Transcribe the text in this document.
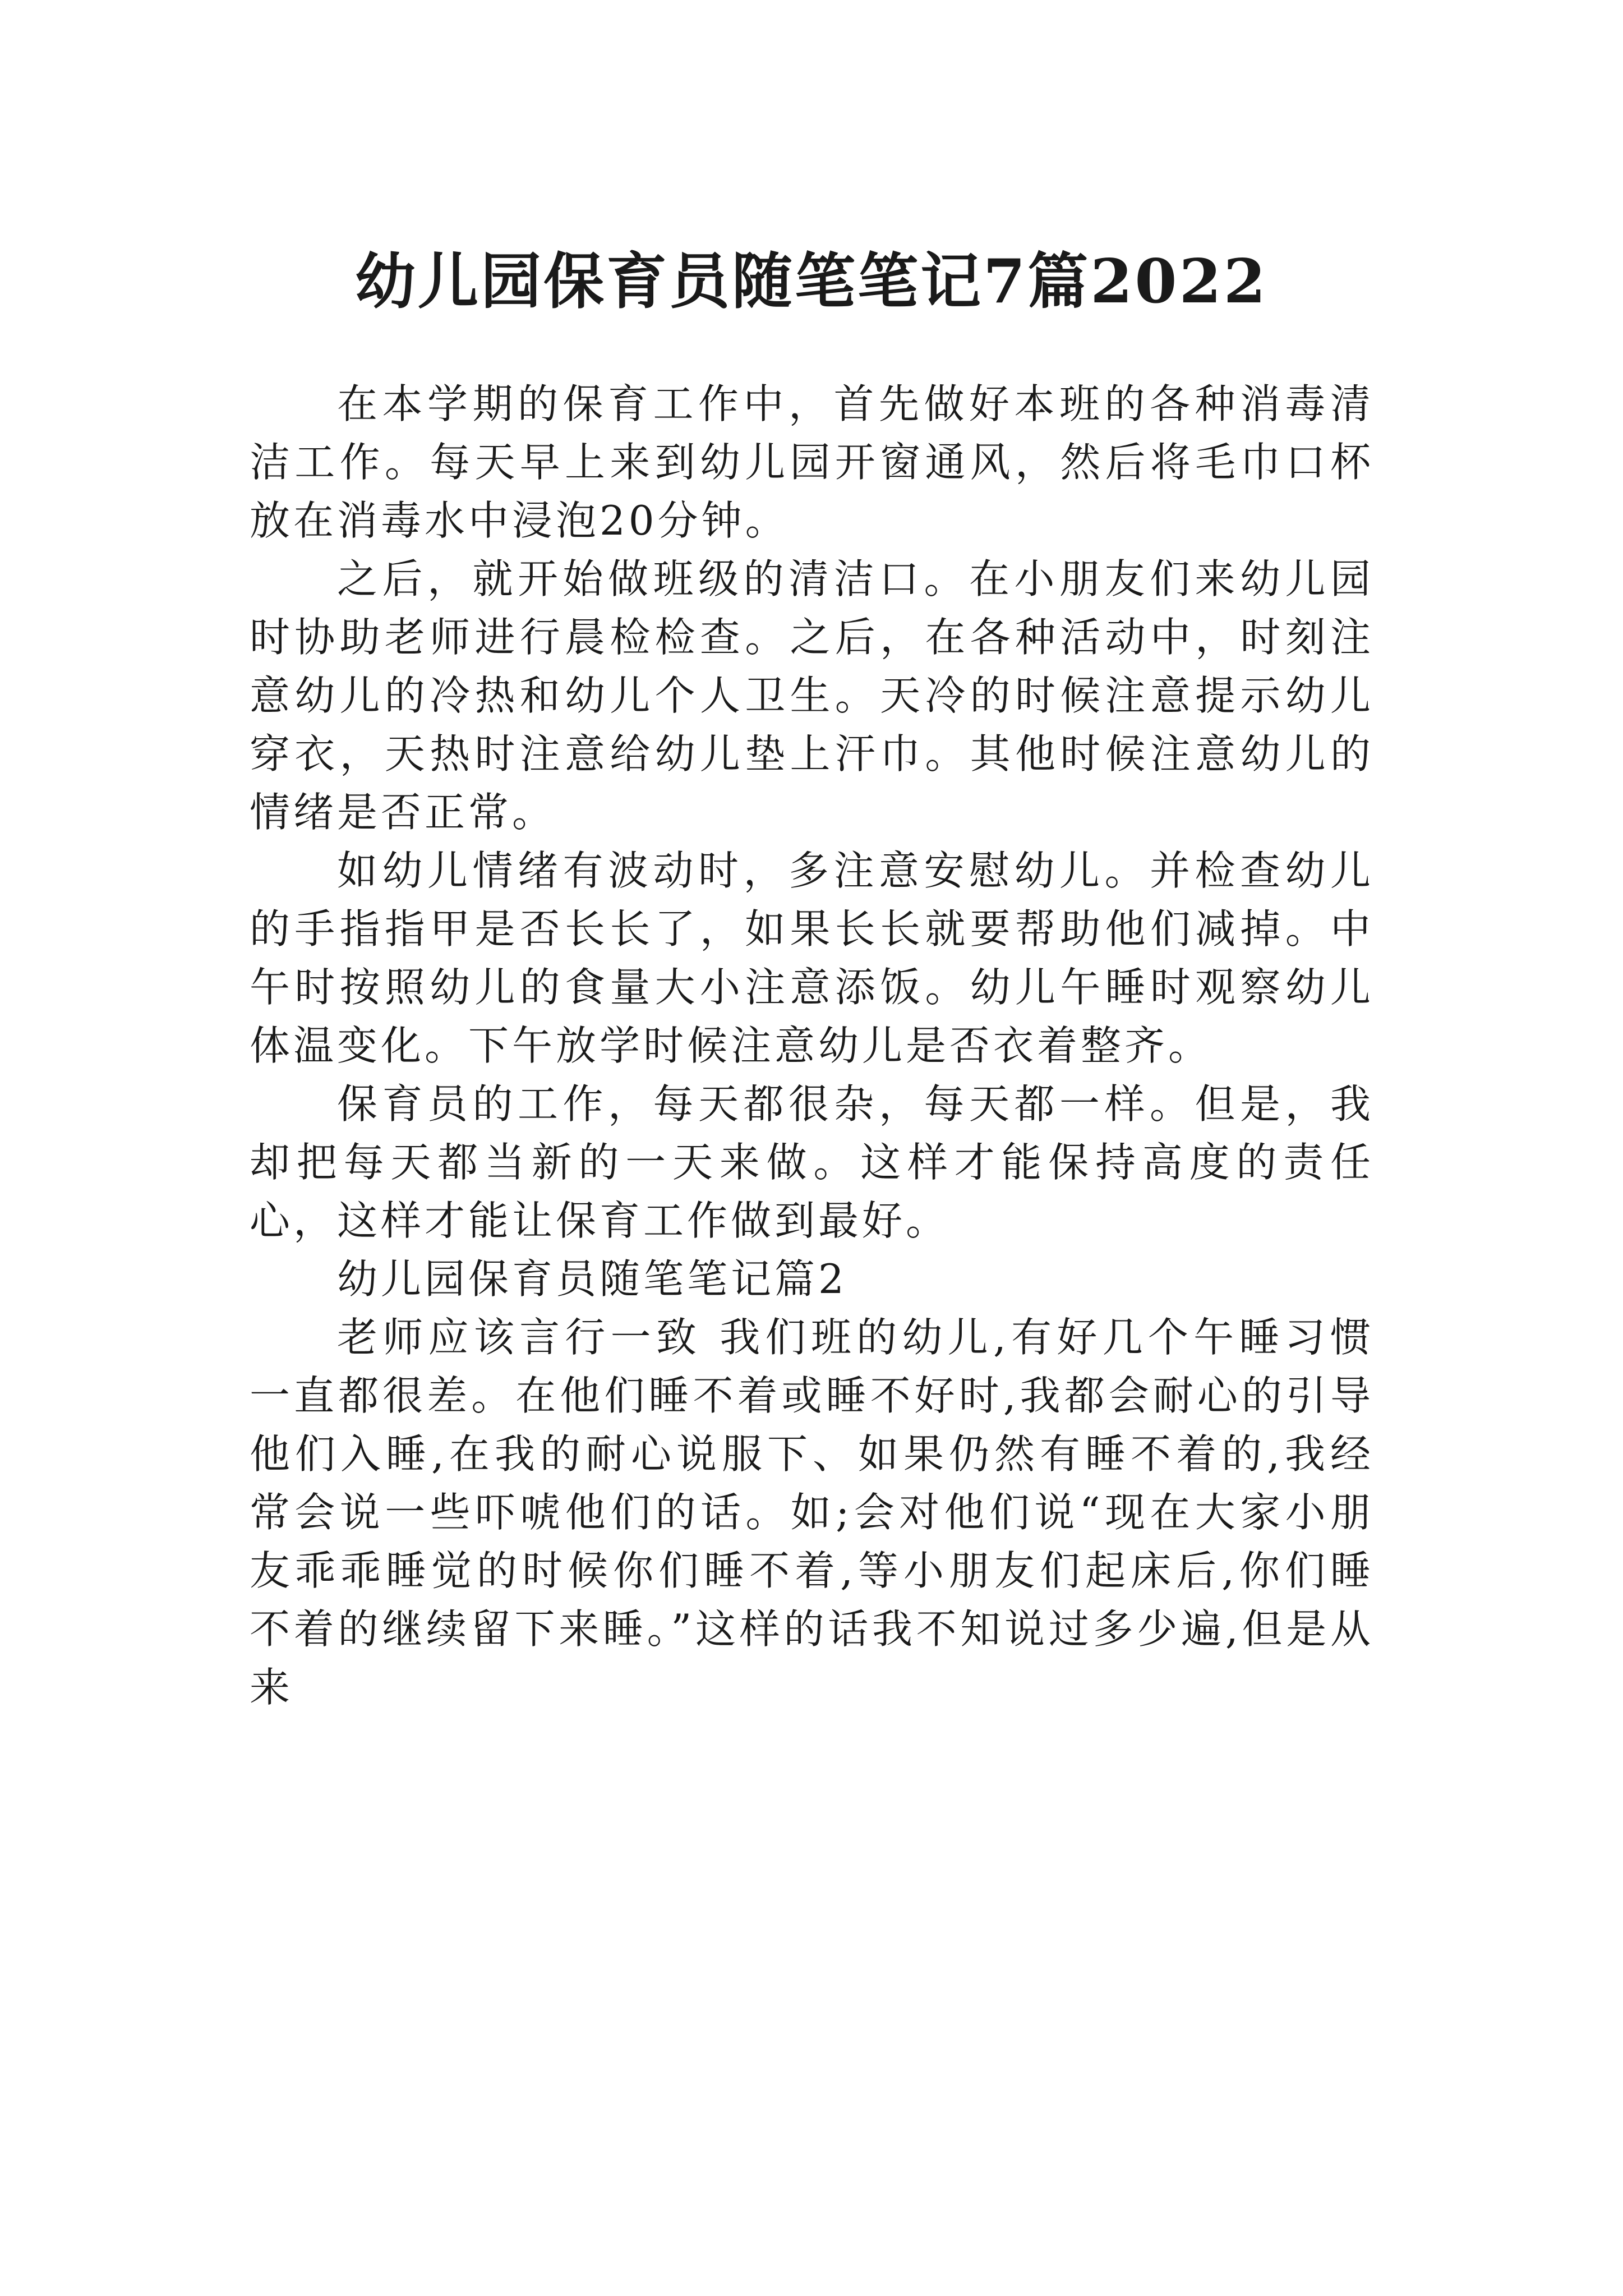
幼儿园保育员随笔笔记7篇2022

在本学期的保育工作中，首先做好本班的各种消毒清洁工作。每天早上来到幼儿园开窗通风，然后将毛巾口杯放在消毒水中浸泡20分钟。

之后，就开始做班级的清洁口。在小朋友们来幼儿园时协助老师进行晨检检查。之后，在各种活动中，时刻注意幼儿的冷热和幼儿个人卫生。天冷的时候注意提示幼儿穿衣，天热时注意给幼儿垫上汗巾。其他时候注意幼儿的情绪是否正常。

如幼儿情绪有波动时，多注意安慰幼儿。并检查幼儿的手指指甲是否长长了，如果长长就要帮助他们减掉。中午时按照幼儿的食量大小注意添饭。幼儿午睡时观察幼儿体温变化。下午放学时候注意幼儿是否衣着整齐。

保育员的工作，每天都很杂，每天都一样。但是，我却把每天都当新的一天来做。这样才能保持高度的责任心，这样才能让保育工作做到最好。

幼儿园保育员随笔笔记篇2

老师应该言行一致 我们班的幼儿,有好几个午睡习惯一直都很差。在他们睡不着或睡不好时,我都会耐心的引导他们入睡,在我的耐心说服下、如果仍然有睡不着的,我经常会说一些吓唬他们的话。如;会对他们说“现在大家小朋友乖乖睡觉的时候你们睡不着,等小朋友们起床后,你们睡不着的继续留下来睡。”这样的话我不知说过多少遍,但是从来
